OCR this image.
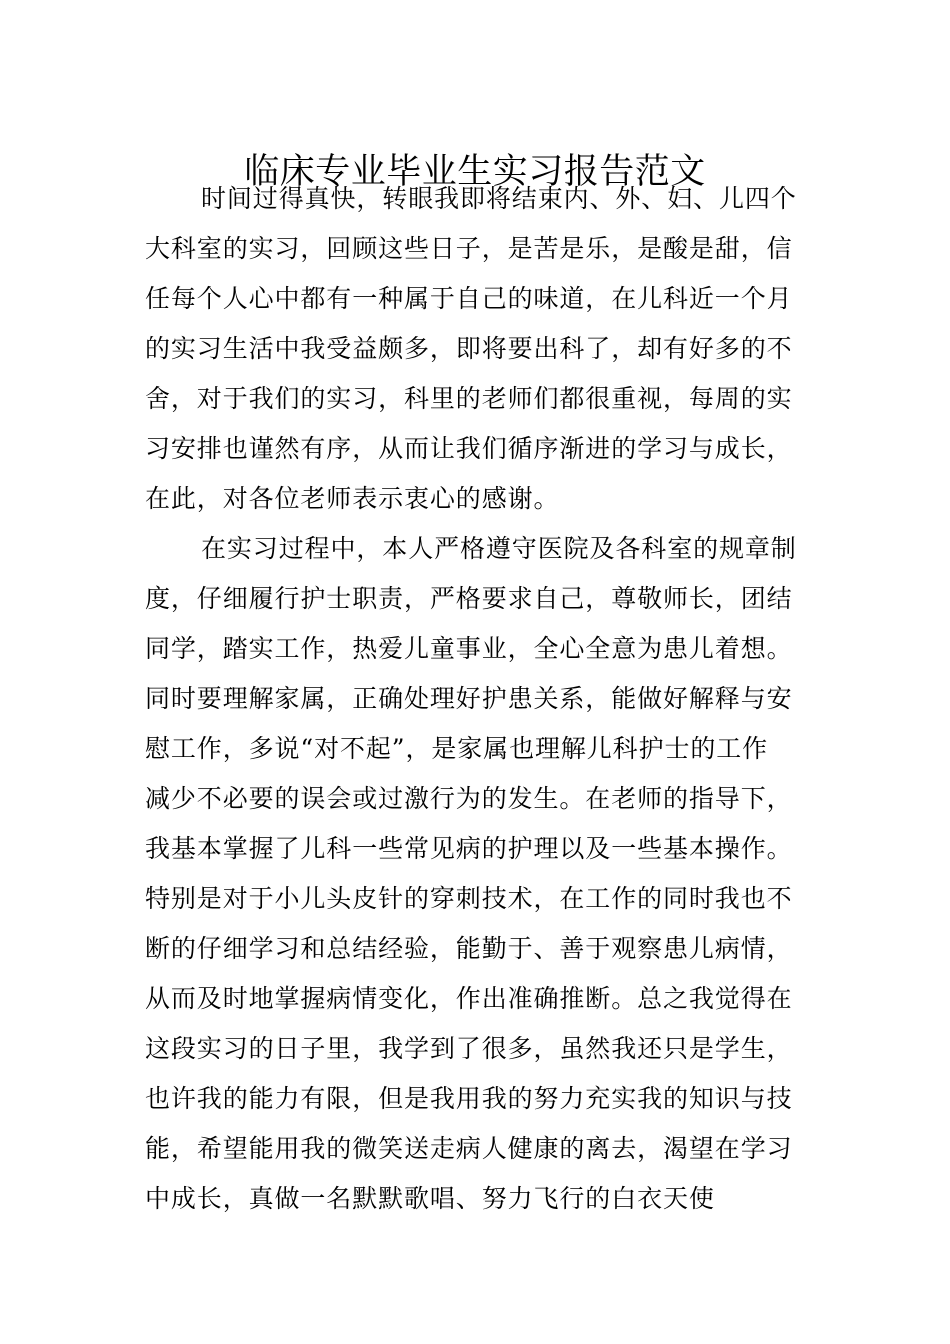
临床专业毕业生实习报告范文

时间过得真快，转眼我即将结束内、外、妇、儿四个
大科室的实习，回顾这些日子，是苦是乐，是酸是甜，信
任每个人心中都有一种属于自己的味道，在儿科近一个月
的实习生活中我受益颇多，即将要出科了，却有好多的不
舍，对于我们的实习，科里的老师们都很重视，每周的实
习安排也谨然有序，从而让我们循序渐进的学习与成长，
在此，对各位老师表示衷心的感谢。

在实习过程中，本人严格遵守医院及各科室的规章制
度，仔细履行护士职责，严格要求自己，尊敬师长，团结
同学，踏实工作，热爱儿童事业，全心全意为患儿着想。
同时要理解家属，正确处理好护患关系，能做好解释与安
慰工作，多说“对不起”，是家属也理解儿科护士的工作
减少不必要的误会或过激行为的发生。在老师的指导下，
我基本掌握了儿科一些常见病的护理以及一些基本操作。
特别是对于小儿头皮针的穿刺技术，在工作的同时我也不
断的仔细学习和总结经验，能勤于、善于观察患儿病情，
从而及时地掌握病情变化，作出准确推断。总之我觉得在
这段实习的日子里，我学到了很多，虽然我还只是学生，
也许我的能力有限，但是我用我的努力充实我的知识与技
能，希望能用我的微笑送走病人健康的离去，渴望在学习
中成长，真做一名默默歌唱、努力飞行的白衣天使
